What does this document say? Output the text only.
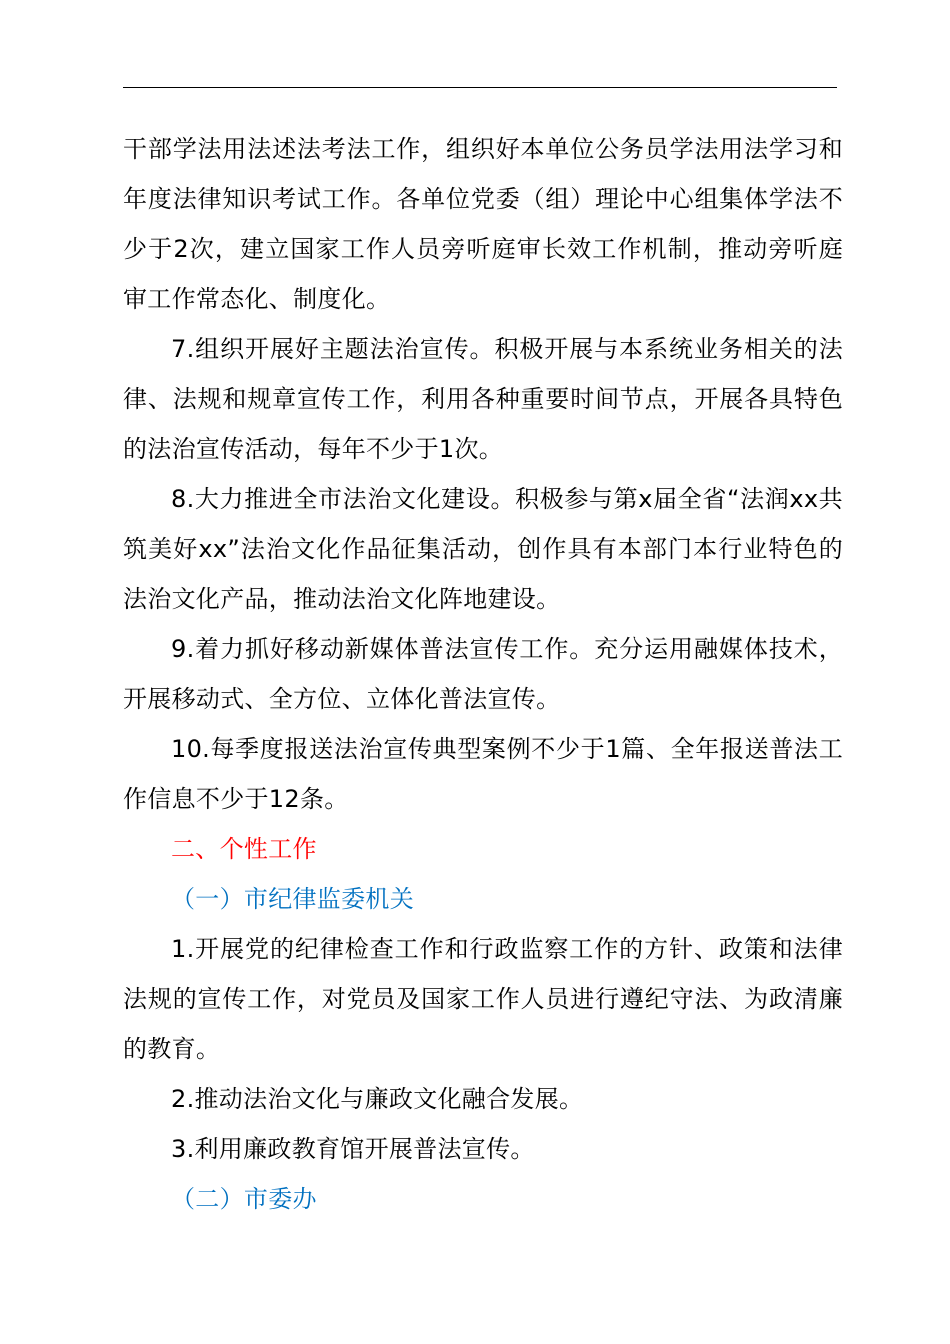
干部学法用法述法考法工作，组织好本单位公务员学法用法学习和年度法律知识考试工作。各单位党委（组）理论中心组集体学法不少于2次，建立国家工作人员旁听庭审长效工作机制，推动旁听庭审工作常态化、制度化。

7.组织开展好主题法治宣传。积极开展与本系统业务相关的法律、法规和规章宣传工作，利用各种重要时间节点，开展各具特色的法治宣传活动，每年不少于1次。

8.大力推进全市法治文化建设。积极参与第x届全省“法润xx共筑美好xx”法治文化作品征集活动，创作具有本部门本行业特色的法治文化产品，推动法治文化阵地建设。

9.着力抓好移动新媒体普法宣传工作。充分运用融媒体技术，开展移动式、全方位、立体化普法宣传。

10.每季度报送法治宣传典型案例不少于1篇、全年报送普法工作信息不少于12条。

二、个性工作

（一）市纪律监委机关

1.开展党的纪律检查工作和行政监察工作的方针、政策和法律法规的宣传工作，对党员及国家工作人员进行遵纪守法、为政清廉的教育。

2.推动法治文化与廉政文化融合发展。

3.利用廉政教育馆开展普法宣传。

（二）市委办
